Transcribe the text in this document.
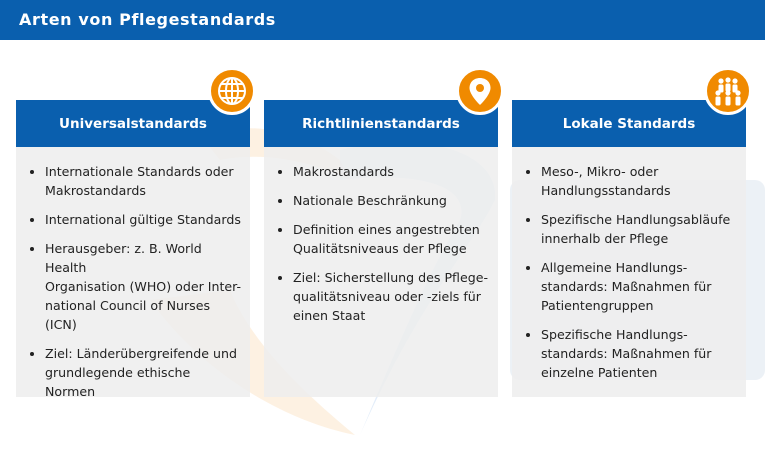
Arten von Pflegestandards
Universalstandards
• Internationale Standards oder
Makrostandards
• International gültige Standards
• Herausgeber: z. B. World Health
Organisation (WHO) oder Inter-
national Council of Nurses (ICN)
• Ziel: Länderübergreifende und
grundlegende ethische Normen
Richtlinienstandards
• Makrostandards
• Nationale Beschränkung
• Definition eines angestrebten
Qualitätsniveaus der Pflege
• Ziel: Sicherstellung des Pflege-
qualitätsniveau oder -ziels für
einen Staat
Lokale Standards
• Meso-, Mikro- oder
Handlungsstandards
• Spezifische Handlungsabläufe
innerhalb der Pflege
• Allgemeine Handlungs-
standards: Maßnahmen für
Patientengruppen
• Spezifische Handlungs-
standards: Maßnahmen für
einzelne Patienten
